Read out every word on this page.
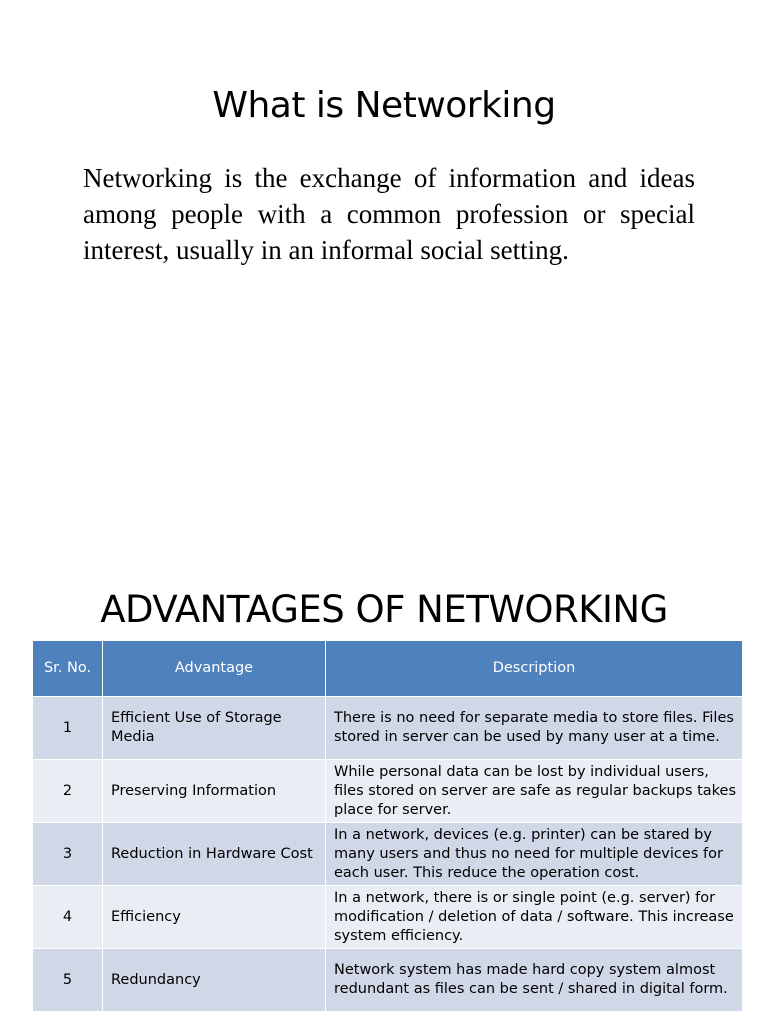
What is Networking

Networking is the exchange of information and ideas among people with a common profession or special interest, usually in an informal social setting.

ADVANTAGES OF NETWORKING
Sr. No.	Advantage	Description
1	Efficient Use of Storage Media	There is no need for separate media to store files. Files stored in server can be used by many user at a time.
2	Preserving Information	While personal data can be lost by individual users, files stored on server are safe as regular backups takes place for server.
3	Reduction in Hardware Cost	In a network, devices (e.g. printer) can be stared by many users and thus no need for multiple devices for each user. This reduce the operation cost.
4	Efficiency	In a network, there is or single point (e.g. server) for modification / deletion of data / software. This increase system efficiency.
5	Redundancy	Network system has made hard copy system almost redundant as files can be sent / shared in digital form.
